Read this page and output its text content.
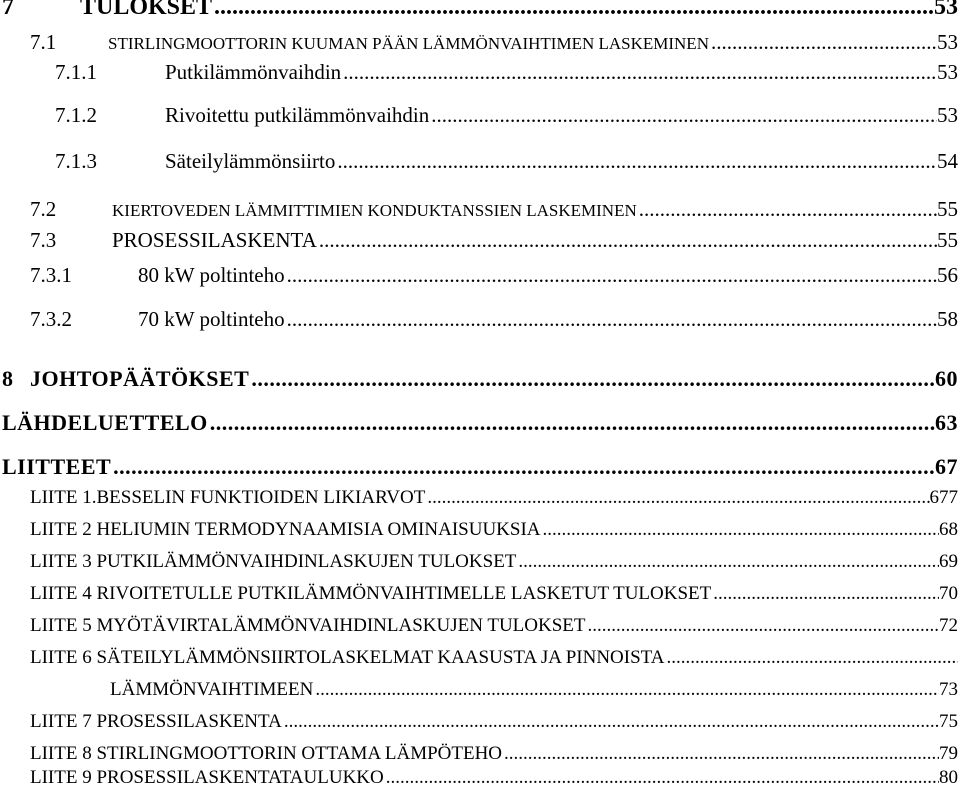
7	TULOKSET .....	53
7.1	STIRLINGMOOTTORIN KUUMAN PÄÄN LÄMMÖNVAIHTIMEN LASKEMINEN .....	53
7.1.1	Putkilämmönvaihdin .....	53
7.1.2	Rivoitettu putkilämmönvaihdin .....	53
7.1.3	Säteilylämmönsiirto .....	54
7.2	KIERTOVEDEN LÄMMITTIMIEN KONDUKTANSSIEN LASKEMINEN .....	55
7.3	PROSESSILASKENTA .....	55
7.3.1	80 kW poltinteho .....	56
7.3.2	70 kW poltinteho .....	58
8 JOHTOPÄÄTÖKSET .....	60
LÄHDELUETTELO .....	63
LIITTEET .....	67
LIITE 1.BESSELIN FUNKTIOIDEN LIKIARVOT .....	677
LIITE 2 HELIUMIN TERMODYNAAMISIA OMINAISUUKSIA .....	68
LIITE 3 PUTKILÄMMÖNVAIHDINLASKUJEN TULOKSET .....	69
LIITE 4 RIVOITETULLE PUTKILÄMMÖNVAIHTIMELLE LASKETUT TULOKSET .....	70
LIITE 5 MYÖTÄVIRTALÄMMÖNVAIHDINLASKUJEN TULOKSET .....	72
LIITE 6 SÄTEILYLÄMMÖNSIIRTOLASKELMAT KAASUSTA JA PINNOISTA
.....
LÄMMÖNVAIHTIMEEN .....	73
LIITE 7 PROSESSILASKENTA .....	75
LIITE 8 STIRLINGMOOTTORIN OTTAMA LÄMPÖTEHO .....	79
LIITE 9 PROSESSILASKENTATAULUKKO .....	80
